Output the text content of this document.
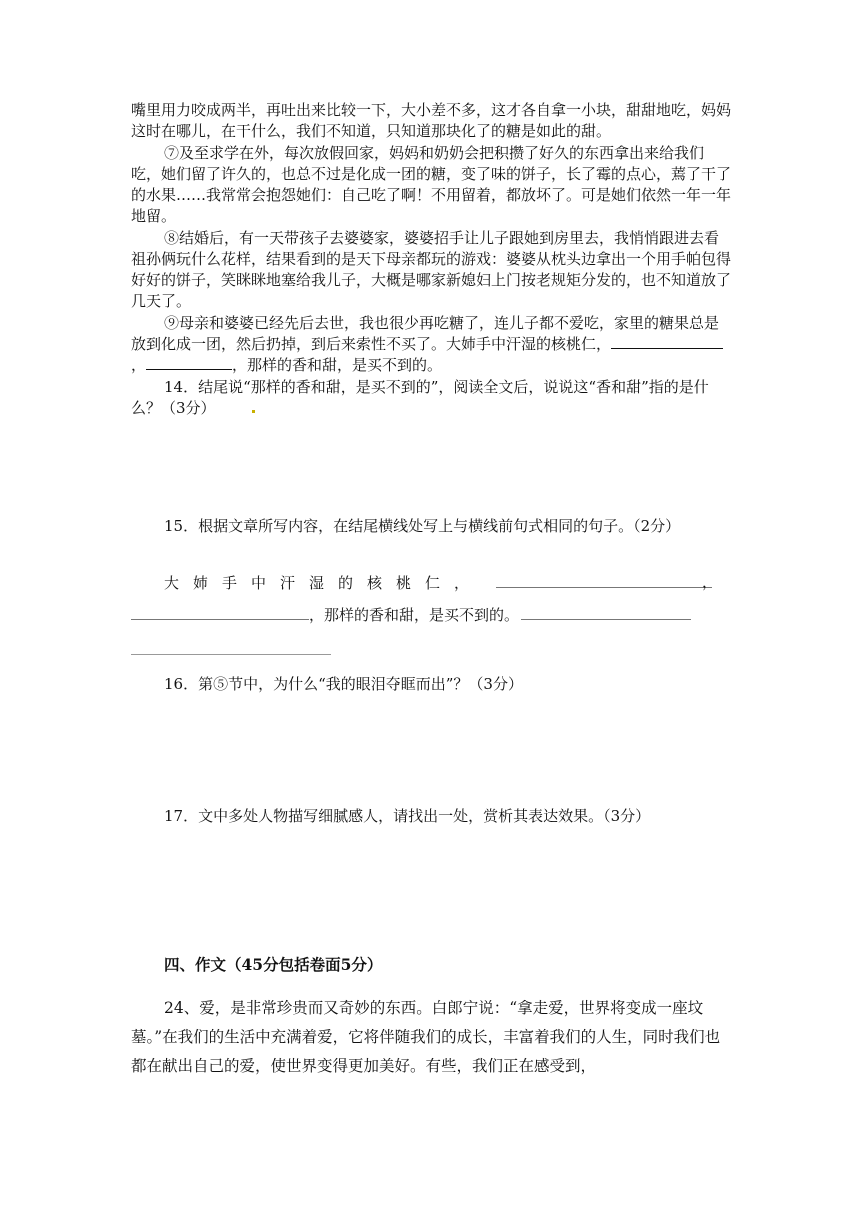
嘴里用力咬成两半，再吐出来比较一下，大小差不多，这才各自拿一小块，甜甜地吃，妈妈这时在哪儿，在干什么，我们不知道，只知道那块化了的糖是如此的甜。

⑦及至求学在外，每次放假回家，妈妈和奶奶会把积攒了好久的东西拿出来给我们吃，她们留了许久的，也总不过是化成一团的糖，变了味的饼子，长了霉的点心，蔫了干了的水果……我常常会抱怨她们：自己吃了啊！不用留着，都放坏了。可是她们依然一年一年地留。

⑧结婚后，有一天带孩子去婆婆家，婆婆招手让儿子跟她到房里去，我悄悄跟进去看祖孙俩玩什么花样，结果看到的是天下母亲都玩的游戏：婆婆从枕头边拿出一个用手帕包得好好的饼子，笑眯眯地塞给我儿子，大概是哪家新媳妇上门按老规矩分发的，也不知道放了几天了。

⑨母亲和婆婆已经先后去世，我也很少再吃糖了，连儿子都不爱吃，家里的糖果总是放到化成一团，然后扔掉，到后来索性不买了。大姉手中汗湿的核桃仁，，	，那样的香和甜，是买不到的。

14．结尾说“那样的香和甜，是买不到的”，阅读全文后，说说这“香和甜”指的是什么？（3分）

15．根据文章所写内容，在结尾横线处写上与横线前句式相同的句子。（2分）

大姉手中汗湿的核桃仁，	，
，那样的香和甜，是买不到的。

16．第⑤节中，为什么“我的眼泪夺眶而出”？（3分）

17．文中多处人物描写细腻感人，请找出一处，赏析其表达效果。（3分）

四、作文（45分包括卷面5分）

24、爱，是非常珍贵而又奇妙的东西。白郎宁说：“拿走爱，世界将变成一座坟墓。”在我们的生活中充满着爱，它将伴随我们的成长，丰富着我们的人生，同时我们也都在献出自己的爱，使世界变得更加美好。有些，我们正在感受到，
